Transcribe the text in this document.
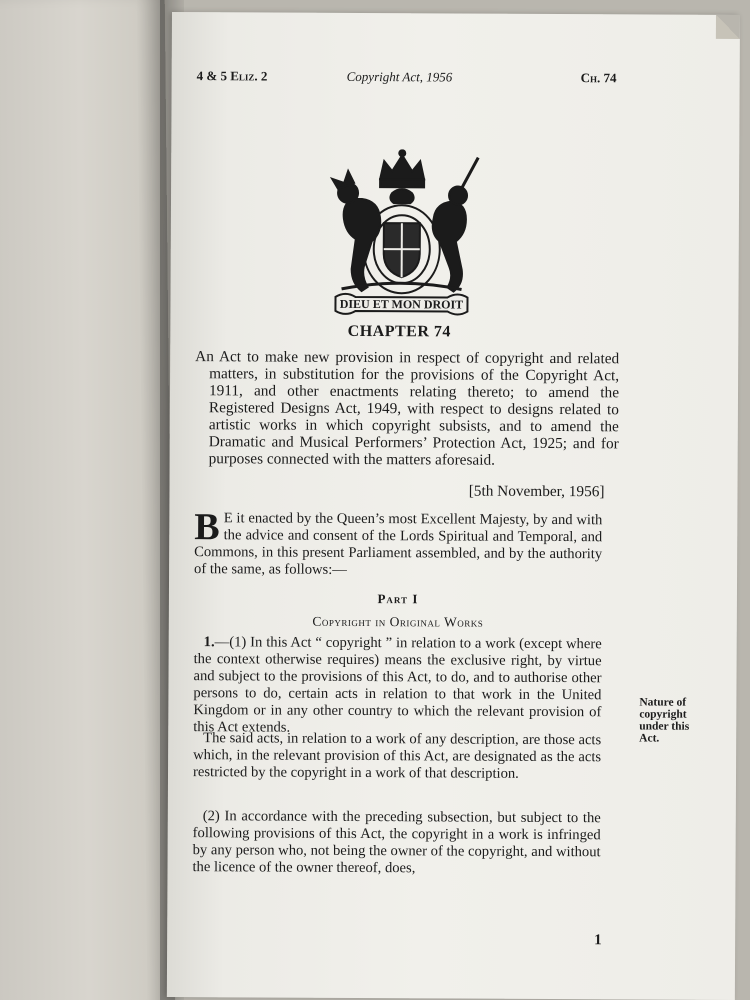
4 & 5 Eliz. 2	Copyright Act, 1956	Ch. 74
DIEU ET MON DROIT
CHAPTER 74

An Act to make new provision in respect of copyright and related matters, in substitution for the provisions of the Copyright Act, 1911, and other enactments relating thereto; to amend the Registered Designs Act, 1949, with respect to designs related to artistic works in which copyright subsists, and to amend the Dramatic and Musical Performers’ Protection Act, 1925; and for purposes connected with the matters aforesaid.

[5th November, 1956]

B E it enacted by the Queen’s most Excellent Majesty, by and with the advice and consent of the Lords Spiritual and Temporal, and Commons, in this present Parliament assembled, and by the authority of the same, as follows:—

Part I
Copyright in Original Works

1.—(1) In this Act “ copyright ” in relation to a work (except where the context otherwise requires) means the exclusive right, by virtue and subject to the provisions of this Act, to do, and to authorise other persons to do, certain acts in relation to that work in the United Kingdom or in any other country to which the relevant provision of this Act extends.

The said acts, in relation to a work of any description, are those acts which, in the relevant provision of this Act, are designated as the acts restricted by the copyright in a work of that description.

(2) In accordance with the preceding subsection, but subject to the following provisions of this Act, the copyright in a work is infringed by any person who, not being the owner of the copyright, and without the licence of the owner thereof, does,

Nature of copyright under this Act.
1
